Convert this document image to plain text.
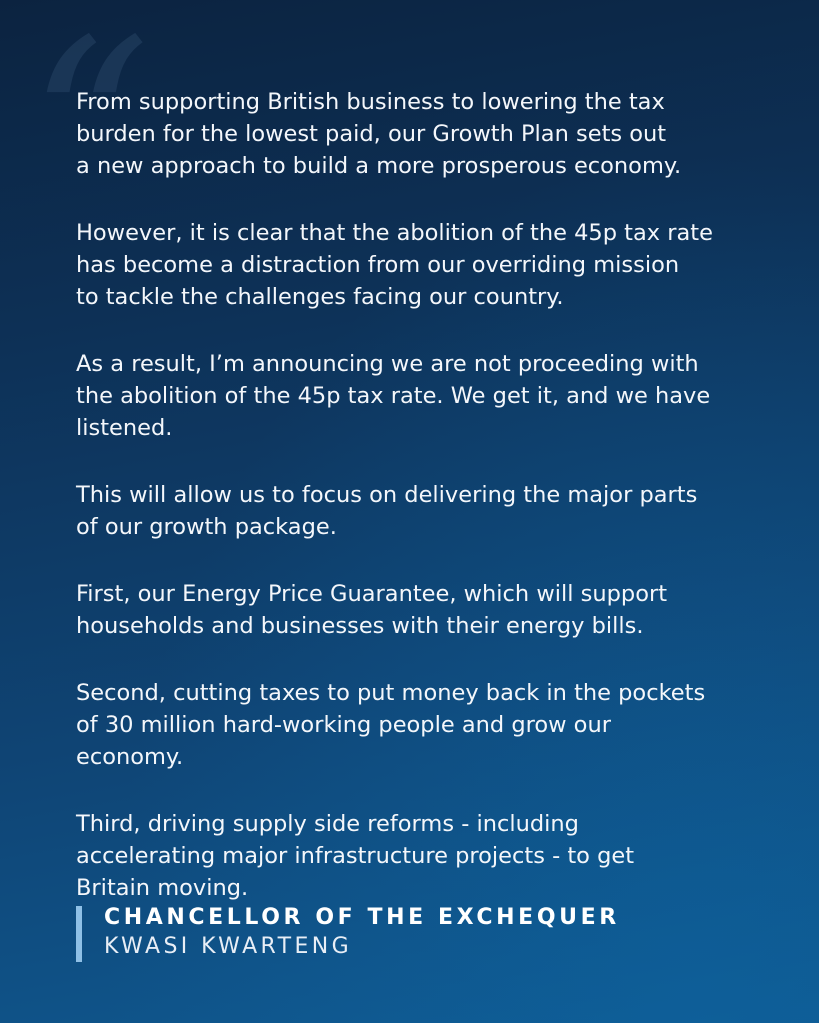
“

From supporting British business to lowering the tax
burden for the lowest paid, our Growth Plan sets out
a new approach to build a more prosperous economy.

However, it is clear that the abolition of the 45p tax rate
has become a distraction from our overriding mission
to tackle the challenges facing our country.

As a result, I’m announcing we are not proceeding with
the abolition of the 45p tax rate. We get it, and we have
listened.

This will allow us to focus on delivering the major parts
of our growth package.

First, our Energy Price Guarantee, which will support
households and businesses with their energy bills.

Second, cutting taxes to put money back in the pockets
of 30 million hard-working people and grow our
economy.

Third, driving supply side reforms - including
accelerating major infrastructure projects - to get
Britain moving.

CHANCELLOR OF THE EXCHEQUER
KWASI KWARTENG
